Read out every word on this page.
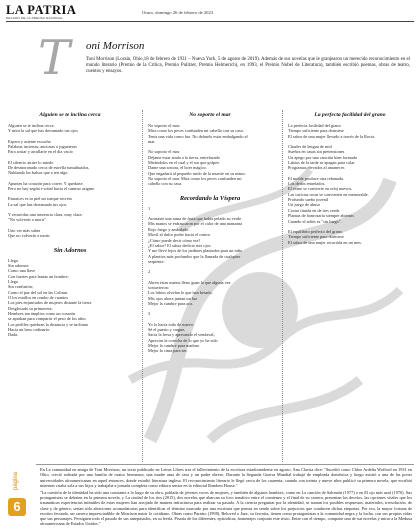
LA PATRIA
DECANO DE LA PRENSA NACIONAL
Oruro, domingo 26 de febrero de 2023
T oni Morrison
Toni Morrison (Lorain, Ohio,18 de febrero de 1931 – Nueva York, 5 de agosto de 2019). Además de sus novelas que le granjearon un merecido reconocimiento en el mundo literario (Premio de la Crítica, Premio Pulitzer, Premio Helmerich), en 1993, el Premio Nobel de Literatura), también escribió poemas, obras de teatro, cuentos y ensayos.
Alguien se te inclina cerca
Alguien se te inclina cerca
Y mira la sal que has derramado tus ojos
Espera y asiente escucha
Palabras inciertas, anciosas o jugueteras
Para sostar y arrullarte en el día vacío
El silencio atraer lo miedo
De desmoronado cerca de estrella tumultuados,
Nublando las balsas que a ten algo.
Apuntes ha corazón para correr. Y quedarte.
Pero no hay según e sobal hacia el camino asigmo
Entonces es tu piel un sueque secreto
La sal que has derramado tus ojos.
Y recuerdas una sentencia clara, muy clara:
"No volverás a morir".
Uno ver más sabes
Que no volverás a morir
Sin Adornos
Llega
Sin adornos
Como una llave
Con fuertes para lanzar un hombre;
Llega
Sin confusión;
Como el paz del sol en las Colinas
O los estallos en rombo de cuantos
Los pies enjuncados de mujeres distante la tierra
Desglosado su primavera;
Hembres tan ámplios como un corazón
se aparkan para compartir el peso de los años
Los perfiles quiebran la distancia y se inclinan
Hacia un beso ordinario:
Dada.
No soporto el mar
No soporto el mar.
Mira como los peces confunden mi cabello con su casa.
Tenis una vida como fue. No dehuelo estar embalgando el
mar.
No soporto el mar.
Déjame estar atada a la tierra, entrelazado
Mirándolos en el cual y el sur que golpee.
Dame una sonora, el hoer mágico.
Que engañará al pequeño ruido de la muerte en su mano.
No soporto el mar. Mira como los peces confunden mi
cabello con su casa.
Recordando la Víspera
1
Arrasaste una rama de fruta que había pelado su verde
Mis manos se enfrascaron por el calor de una manzana
Rojo fuego y ambulado.
Movil al dulce poder hacia el centro.
¿Cómo puede decir cómo era?
¿El sabor? El sabor dedicio mis ojos
Y me llevó lejos de los jardines plantados para un niño
A plantios más profundos que la llamada de cualquier
serpiente.
2
Abren estas manos lleno guan la que alguna vez
sostuvieron:
Los labios olvidan lo que han besado.
Mis ojos ahora juntan un luz
Mejor la cumbre para aca.
3
Yo lo hacía todo de nuevo:
Sé el puerto y cargue,
Sacía la fresa y aprecando el vendaval,
Aprecias la cosecha de lo que yo he sido
Mejor la cumbre para maduro
Mejor la cima para ser.
La perfecta facilidad del grano
La perfecta facilidad del grano
Tiempo suficiente para dormirse
El sabor de una mujer llevado a través de la Rocia.
Charles de lengua de mid
Sueños en casas sin pretensiones
Un apego por una canción bien formada
Labios de la tarde se apagan para colar
Programas elevados al amanecer.
El molde produce otra rebanada.
Los dedos entrelados.
El ritmo se convierte en reloj nuevos.
Las caricias rosas se convierten en memorable.
Profundo sueño juvenil
Un juego de abuso
Costra tímida en de tres verde
Plantas de honrosaría siempre abiertas
Cuando el adiós es "sin luego".
El equilibrio perfecto del grano.
Tiempo suficiente para dormirse
El sabor de una mujer recorrida en un mes.

En La comunidad en amiga de Toni Morrison, un texto publicado en Letras Libres tras el fallecimiento de la escritora estadounidense en agosto, Ana Clarisa dice: "Sucedió como Chloe Ardelia Wofford en 1931 en Ohio, creció rodeada por una familia de cuatro hermanos, una madre ama de casa y un padre obrero. Durante la Segunda Guerra Mundial trabajó de empleada doméstica y luego asistió a una de las pocas universidades afroamericanas en aquel entonces, donde estudió literatura inglesa. El reconocimiento literario le llegó cerca de los cuarenta, cuando con treinta y nueve años publicó su primera novela, que escribió mientras criaba sola a sus hijos y trabajaba a jornada completa como editora senior en la editorial Random House."

"La cuestión de la identidad ha sido una constante a lo largo de su obra, poblada de jóvenes voces de mujeres, y también de algunos hombres, como en La canción de Salomón (1977) o en El ojo más azul (1970). Sus protagonistas se debaten en la primera novela, y La ciudad de los ríos (2015), dos novelas que abarcan su foco temático entre el comienzo y el final de su carrera, presentan los desvíos, las opciones vitales que los traumáticas experiencias infantiles de estas mujeres han arrojado de manera infructuosa para realizar su pasado. A la ciencia preguntar por la identidad, se suman los posibles respuestas, materiales, irresolución, de clase y de género, serían sólo aleaciones acomodatorias para identificar el término marcado por una escritura que piensa en sendo sobre los prejuicios que conducen dichas etiquetas. Por eso, la mayor fortuna de escritor fecundo, un carrera imprescindible de Morrison nutrir lo cotidiano. Obras como Paraíso (1998), Beloved o Jazz, su favorita, tienen como protagonistas a la comunidad negra y la lucha, con sus propias vidas que sus personajes. Persiguen todo el pasado de sus antepasados, en su leerla. Pisaría de los diferentes, episódicas, homenajes conjunto este texto. Entre con el tiempo, compone una de sus novelas y mirar a la Medusa afroamericana de Estados Unidos."

página
6
